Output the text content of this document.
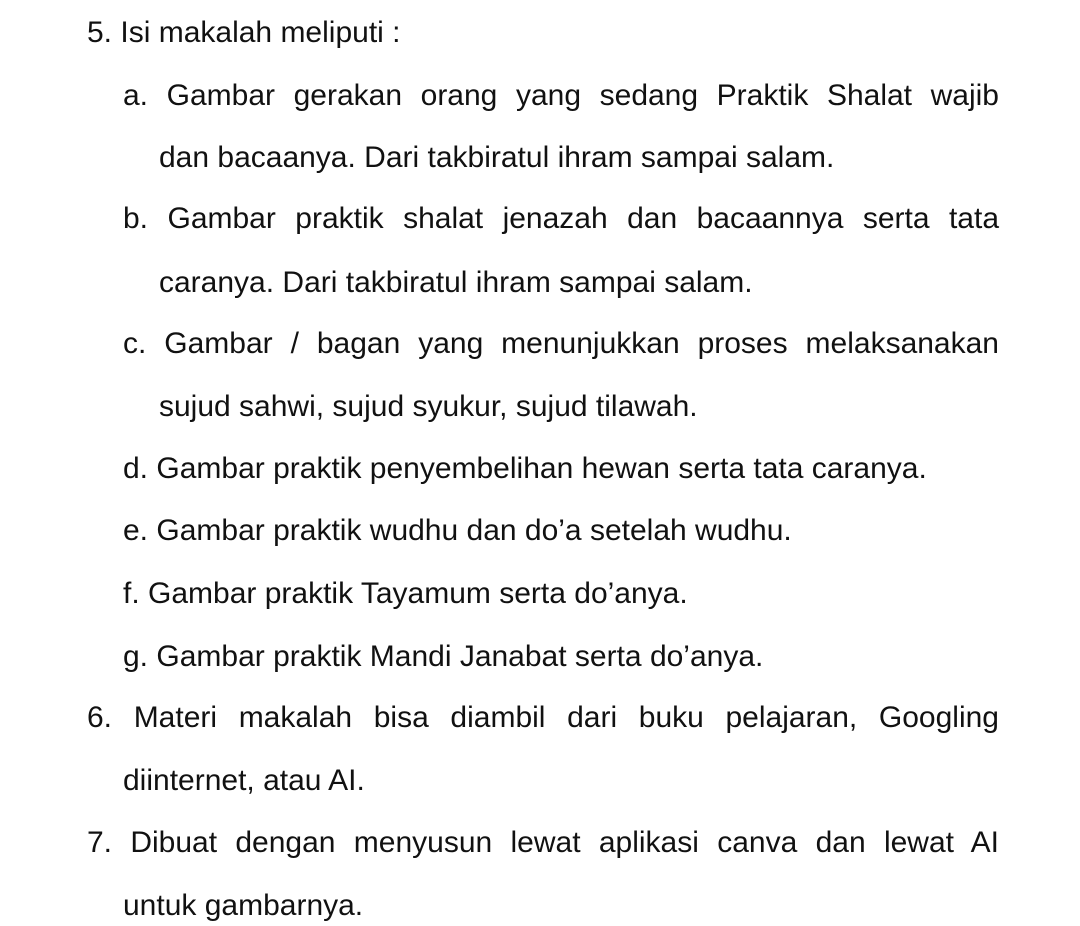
5. Isi makalah meliputi :
a. Gambar gerakan orang yang sedang Praktik Shalat wajib
dan bacaanya. Dari takbiratul ihram sampai salam.
b. Gambar praktik shalat jenazah dan bacaannya serta tata
caranya. Dari takbiratul ihram sampai salam.
c. Gambar / bagan yang menunjukkan proses melaksanakan
sujud sahwi, sujud syukur, sujud tilawah.
d. Gambar praktik penyembelihan hewan serta tata caranya.
e. Gambar praktik wudhu dan do’a setelah wudhu.
f. Gambar praktik Tayamum serta do’anya.
g. Gambar praktik Mandi Janabat serta do’anya.
6. Materi makalah bisa diambil dari buku pelajaran, Googling
diinternet, atau AI.
7. Dibuat dengan menyusun lewat aplikasi canva dan lewat AI
untuk gambarnya.
